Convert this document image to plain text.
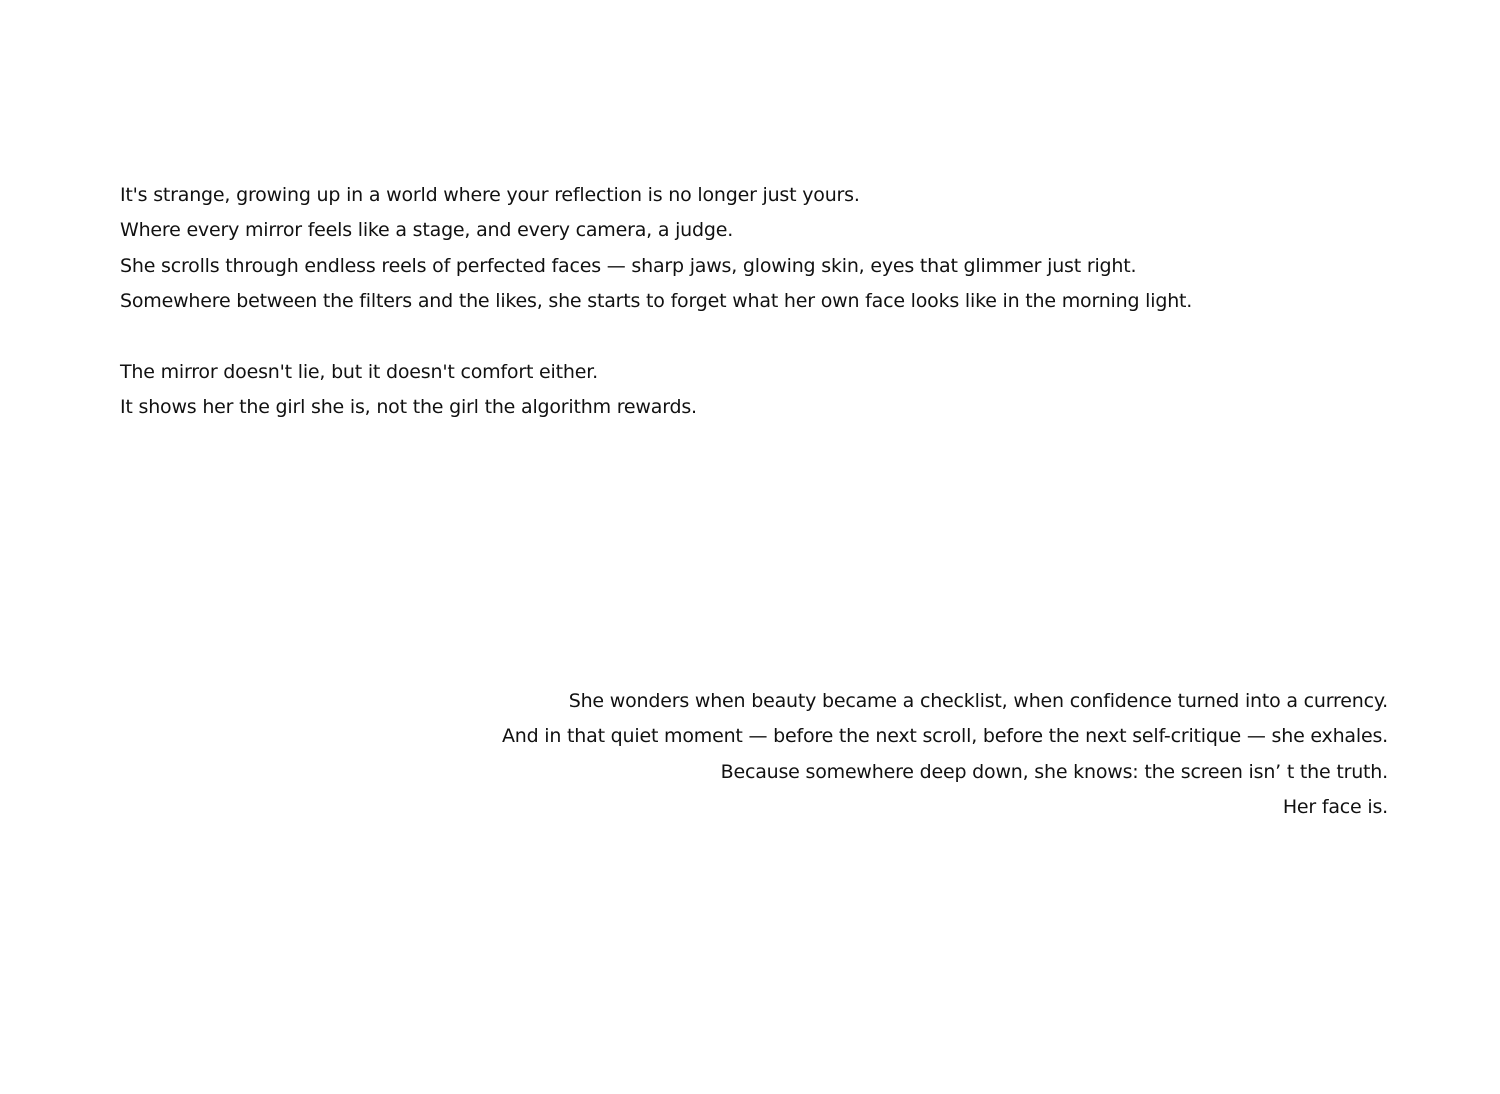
It's strange, growing up in a world where your reflection is no longer just yours.
Where every mirror feels like a stage, and every camera, a judge.
She scrolls through endless reels of perfected faces — sharp jaws, glowing skin, eyes that glimmer just right.
Somewhere between the filters and the likes, she starts to forget what her own face looks like in the morning light.
The mirror doesn't lie, but it doesn't comfort either.
It shows her the girl she is, not the girl the algorithm rewards.
She wonders when beauty became a checklist, when confidence turned into a currency.
And in that quiet moment — before the next scroll, before the next self-critique — she exhales.
Because somewhere deep down, she knows: the screen isn’ t the truth.
Her face is.
